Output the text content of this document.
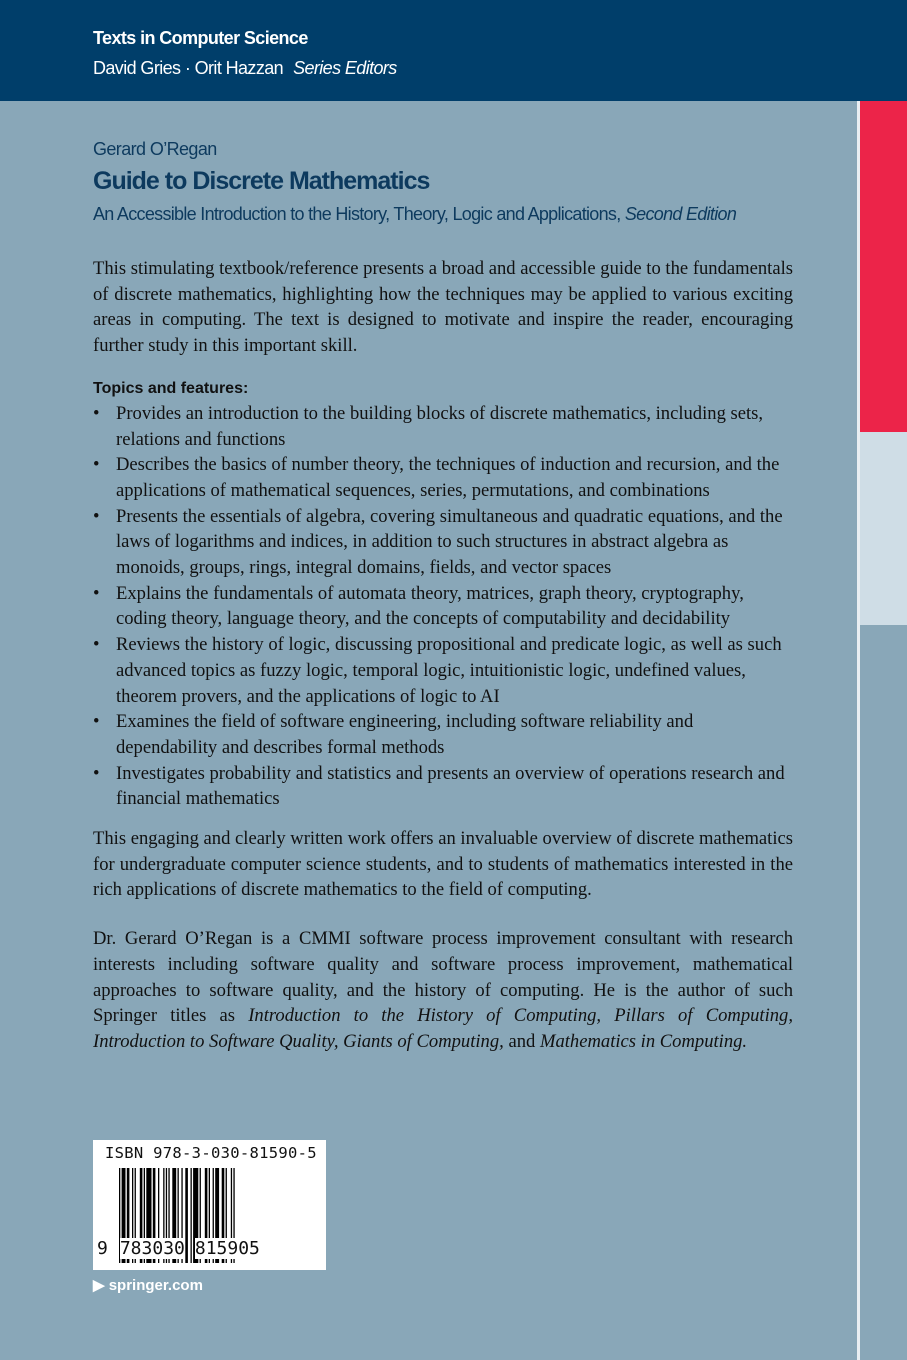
Texts in Computer Science
David Gries · Orit Hazzan Series Editors
Gerard O’Regan
Guide to Discrete Mathematics
An Accessible Introduction to the History, Theory, Logic and Applications, Second Edition

This stimulating textbook/reference presents a broad and accessible guide to the fundamentals of discrete mathematics, highlighting how the techniques may be applied to various exciting areas in computing. The text is designed to motivate and inspire the reader, encouraging further study in this important skill.

Topics and features:
• Provides an introduction to the building blocks of discrete mathematics, including sets, relations and functions
• Describes the basics of number theory, the techniques of induction and recursion, and the applications of mathematical sequences, series, permutations, and combinations
• Presents the essentials of algebra, covering simultaneous and quadratic equations, and the laws of logarithms and indices, in addition to such structures in abstract algebra as monoids, groups, rings, integral domains, fields, and vector spaces
• Explains the fundamentals of automata theory, matrices, graph theory, cryptography, coding theory, language theory, and the concepts of computability and decidability
• Reviews the history of logic, discussing propositional and predicate logic, as well as such advanced topics as fuzzy logic, temporal logic, intuitionistic logic, undefined values, theorem provers, and the applications of logic to AI
• Examines the field of software engineering, including software reliability and dependability and describes formal methods
• Investigates probability and statistics and presents an overview of operations research and financial mathematics

This engaging and clearly written work offers an invaluable overview of discrete mathematics for undergraduate computer science students, and to students of mathematics interested in the rich applications of discrete mathematics to the field of computing.

Dr. Gerard O’Regan is a CMMI software process improvement consultant with research interests including software quality and software process improvement, mathematical approaches to software quality, and the history of computing. He is the author of such Springer titles as Introduction to the History of Computing, Pillars of Computing, Introduction to Software Quality, Giants of Computing, and Mathematics in Computing.

ISBN 978-3-030-81590-5
9 783030 815905
▶ springer.com
